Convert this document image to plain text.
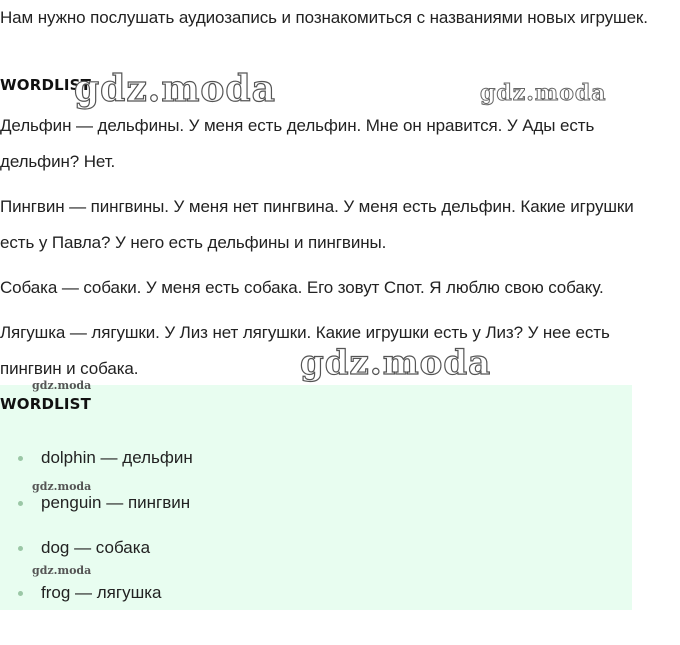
Нам нужно послушать аудиозапись и познакомиться с названиями новых игрушек.

WORDLIST

Дельфин — дельфины. У меня есть дельфин. Мне он нравится. У Ады есть дельфин? Нет.

Пингвин — пингвины. У меня нет пингвина. У меня есть дельфин. Какие игрушки есть у Павла? У него есть дельфины и пингвины.

Собака — собаки. У меня есть собака. Его зовут Спот. Я люблю свою собаку.

Лягушка — лягушки. У Лиз нет лягушки. Какие игрушки есть у Лиз? У нее есть пингвин и собака.

WORDLIST
dolphin — дельфин
penguin — пингвин
dog — собака
frog — лягушка
gdz.moda	gdz.moda
gdz.moda
gdz.moda
gdz.moda
gdz.moda
